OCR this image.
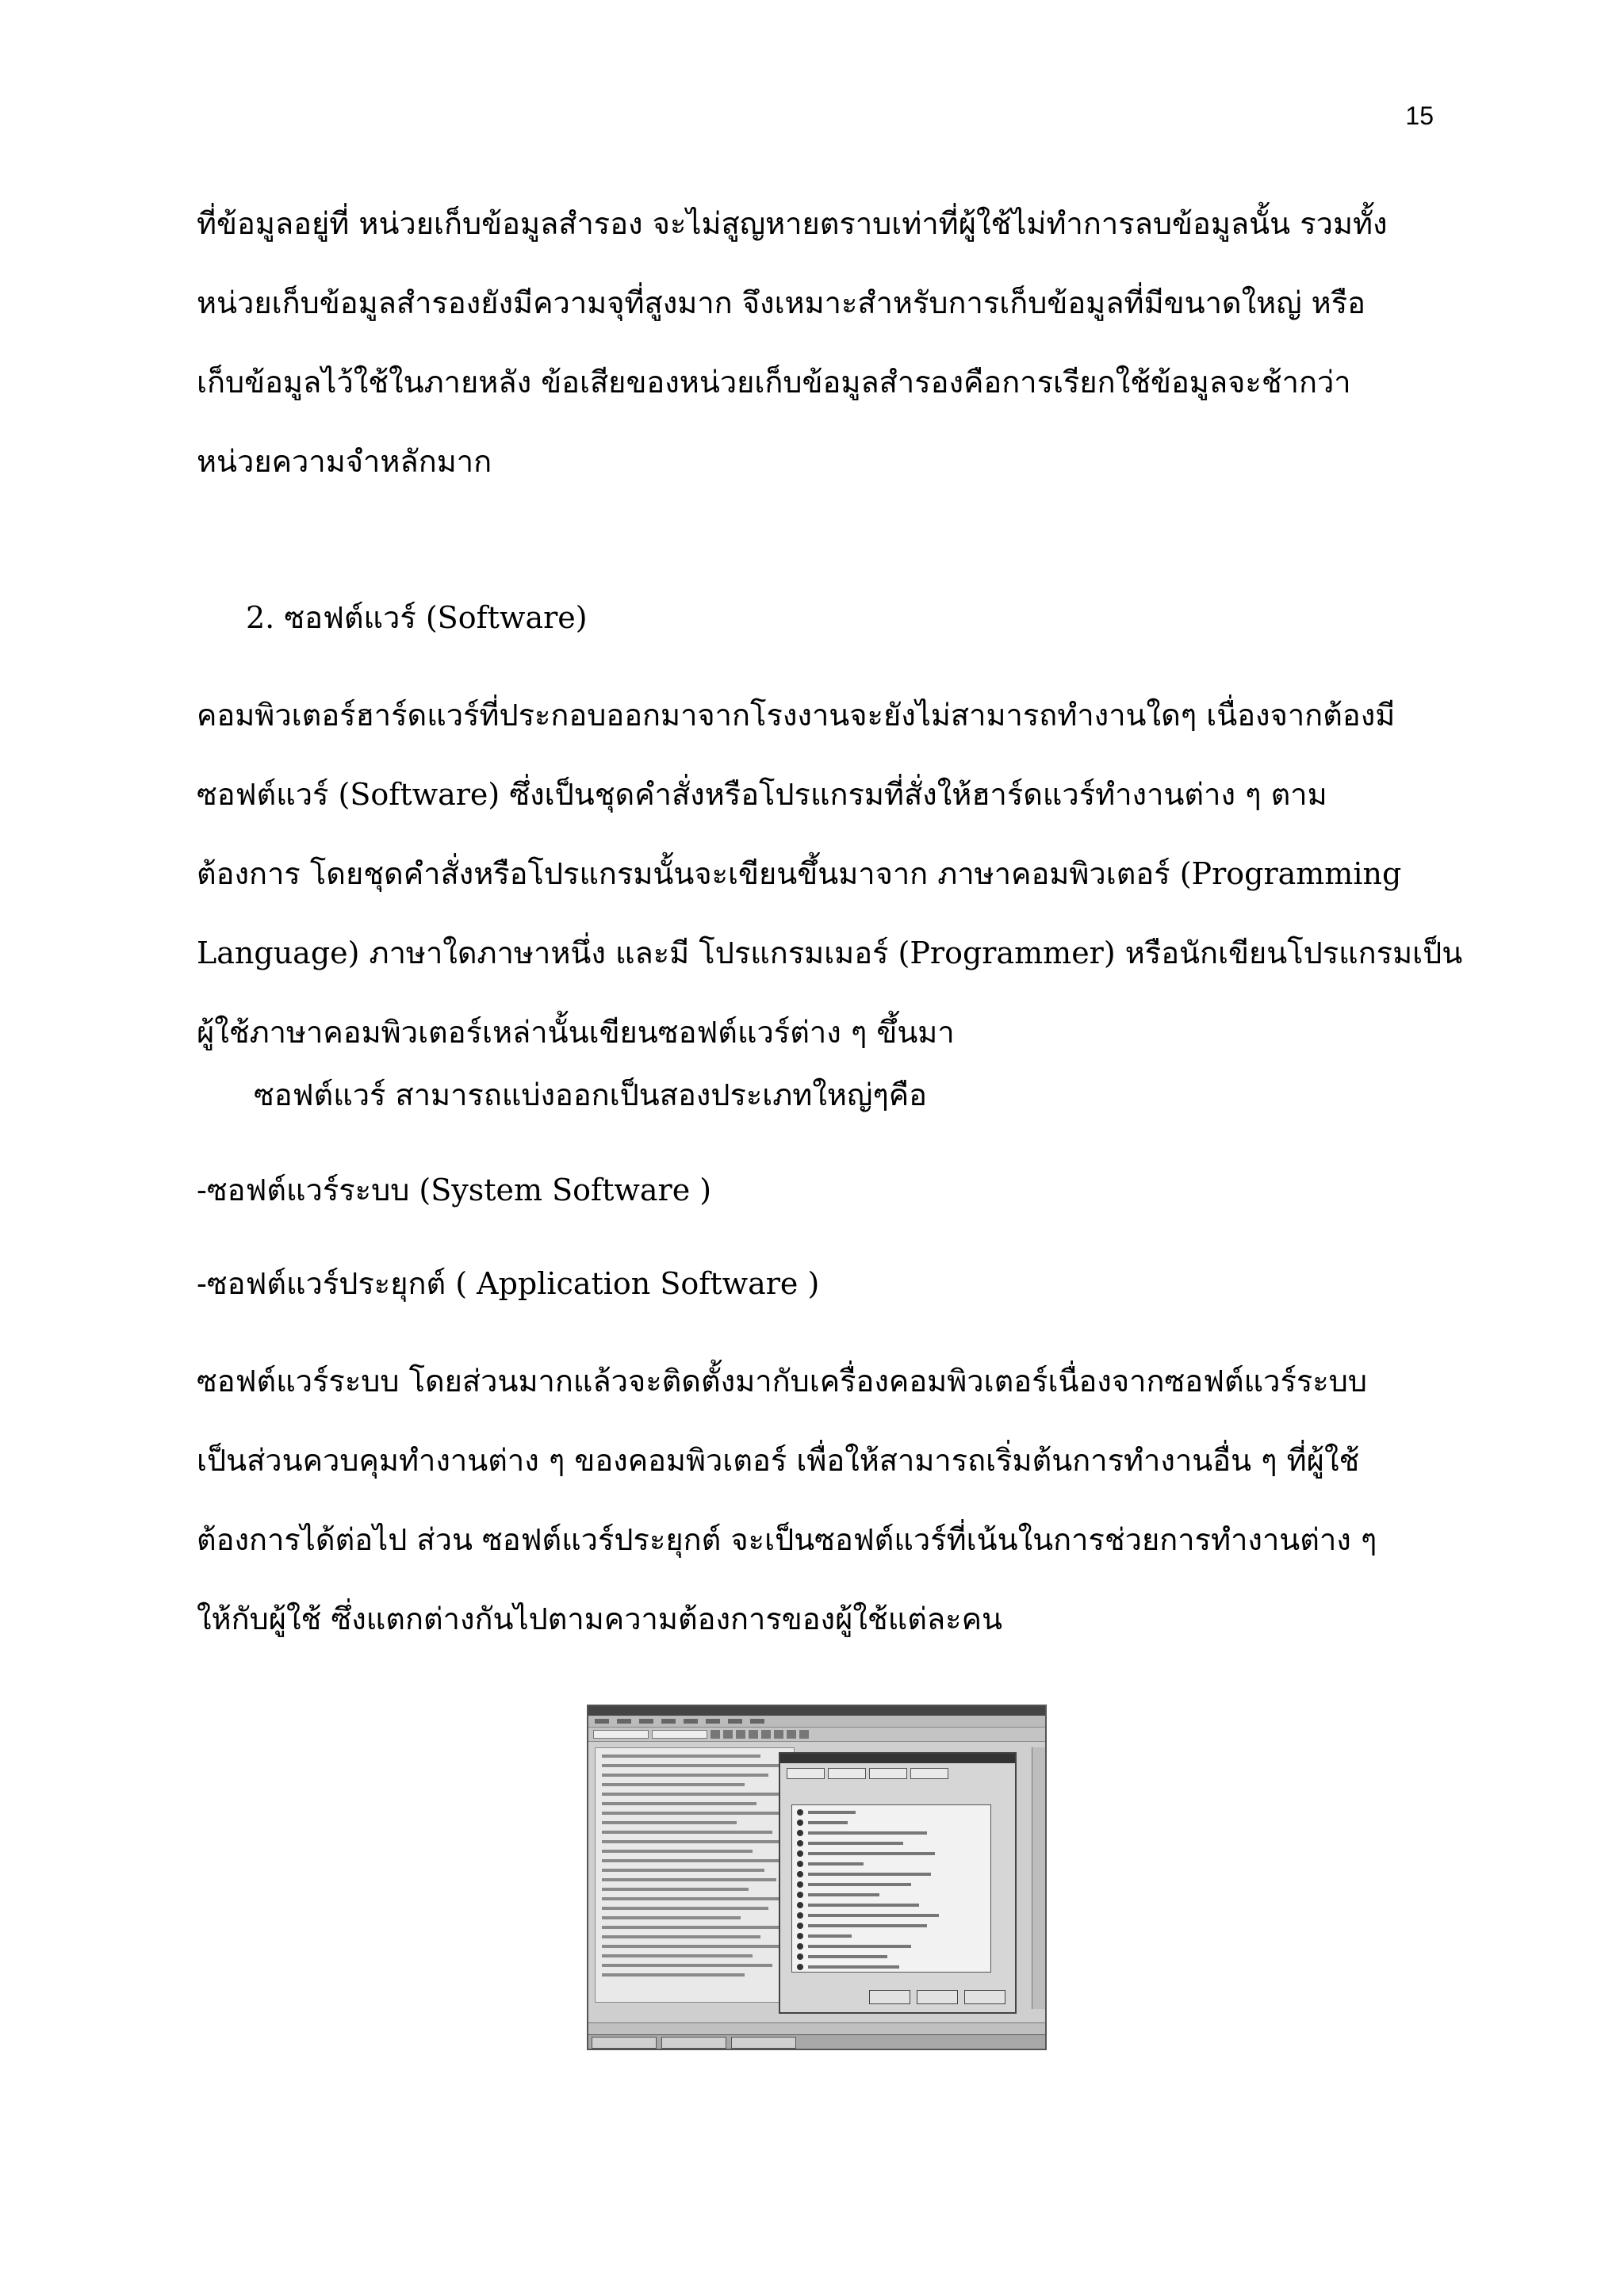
15
ที่ข้อมูลอยู่ที่ หน่วยเก็บข้อมูลสำรอง จะไม่สูญหายตราบเท่าที่ผู้ใช้ไม่ทำการลบข้อมูลนั้น รวมทั้ง
หน่วยเก็บข้อมูลสำรองยังมีความจุที่สูงมาก จึงเหมาะสำหรับการเก็บข้อมูลที่มีขนาดใหญ่ หรือ
เก็บข้อมูลไว้ใช้ในภายหลัง ข้อเสียของหน่วยเก็บข้อมูลสำรองคือการเรียกใช้ข้อมูลจะช้ากว่า
หน่วยความจำหลักมาก
2. ซอฟต์แวร์ (Software)
คอมพิวเตอร์ฮาร์ดแวร์ที่ประกอบออกมาจากโรงงานจะยังไม่สามารถทำงานใดๆ เนื่องจากต้องมี
ซอฟต์แวร์ (Software) ซึ่งเป็นชุดคำสั่งหรือโปรแกรมที่สั่งให้ฮาร์ดแวร์ทำงานต่าง ๆ ตาม
ต้องการ โดยชุดคำสั่งหรือโปรแกรมนั้นจะเขียนขึ้นมาจาก ภาษาคอมพิวเตอร์ (Programming
Language) ภาษาใดภาษาหนึ่ง และมี โปรแกรมเมอร์ (Programmer) หรือนักเขียนโปรแกรมเป็น
ผู้ใช้ภาษาคอมพิวเตอร์เหล่านั้นเขียนซอฟต์แวร์ต่าง ๆ ขึ้นมา
ซอฟต์แวร์ สามารถแบ่งออกเป็นสองประเภทใหญ่ๆคือ
-ซอฟต์แวร์ระบบ (System Software )
-ซอฟต์แวร์ประยุกต์ ( Application Software )
ซอฟต์แวร์ระบบ โดยส่วนมากแล้วจะติดตั้งมากับเครื่องคอมพิวเตอร์เนื่องจากซอฟต์แวร์ระบบ
เป็นส่วนควบคุมทำงานต่าง ๆ ของคอมพิวเตอร์ เพื่อให้สามารถเริ่มต้นการทำงานอื่น ๆ ที่ผู้ใช้
ต้องการได้ต่อไป ส่วน ซอฟต์แวร์ประยุกต์ จะเป็นซอฟต์แวร์ที่เน้นในการช่วยการทำงานต่าง ๆ
ให้กับผู้ใช้ ซึ่งแตกต่างกันไปตามความต้องการของผู้ใช้แต่ละคน
